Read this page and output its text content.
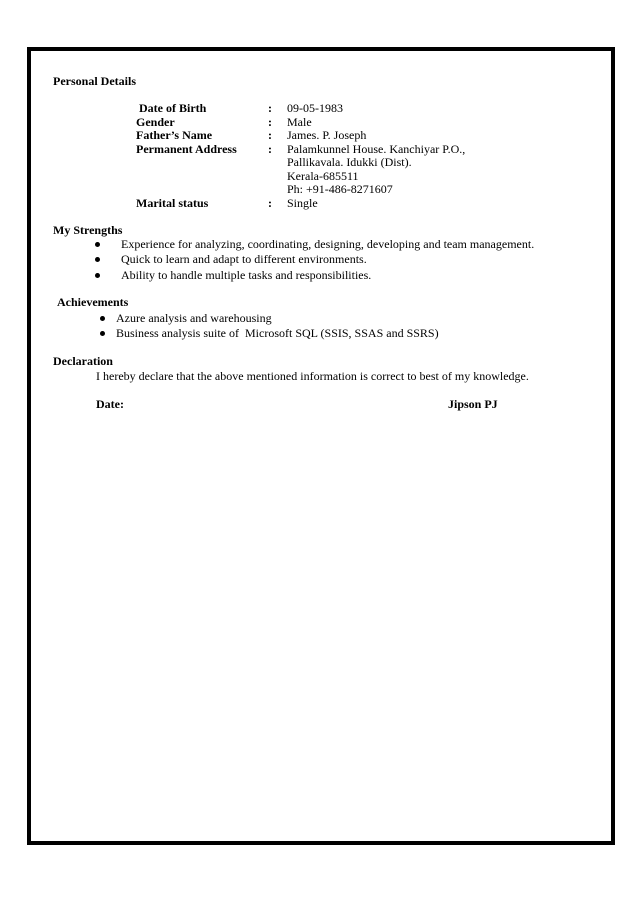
Personal Details
Date of Birth	: 09-05-1983
Gender	: Male
Father’s Name	: James. P. Joseph
Permanent Address	: Palamkunnel House. Kanchiyar P.O.,
Pallikavala. Idukki (Dist).
Kerala-685511
Ph: +91-486-8271607
Marital status	: Single
My Strengths
Experience for analyzing, coordinating, designing, developing and team management.
Quick to learn and adapt to different environments.
Ability to handle multiple tasks and responsibilities.
Achievements
Azure analysis and warehousing
Business analysis suite of  Microsoft SQL (SSIS, SSAS and SSRS)
Declaration
I hereby declare that the above mentioned information is correct to best of my knowledge.
Date:	Jipson PJ
